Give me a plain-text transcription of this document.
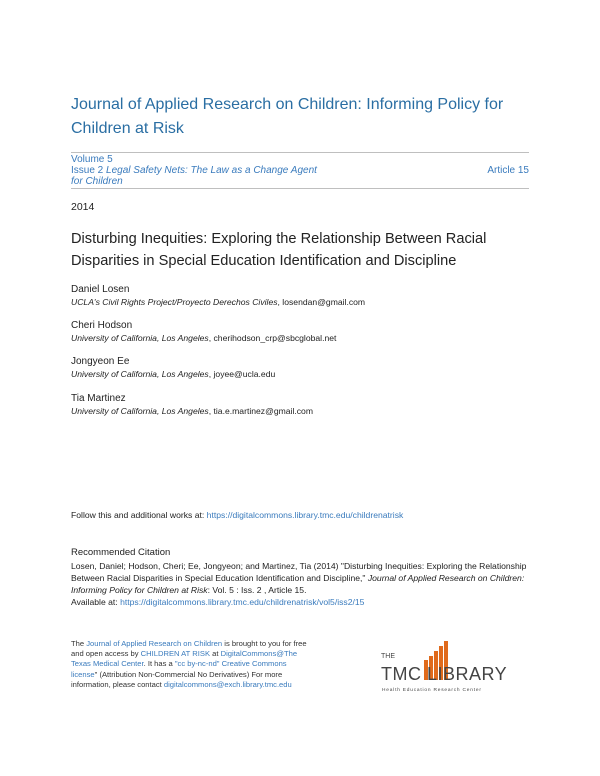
Journal of Applied Research on Children: Informing Policy for Children at Risk
Volume 5
Issue 2 Legal Safety Nets: The Law as a Change Agent for Children
Article 15
2014
Disturbing Inequities: Exploring the Relationship Between Racial Disparities in Special Education Identification and Discipline
Daniel Losen
UCLA's Civil Rights Project/Proyecto Derechos Civiles, losendan@gmail.com
Cheri Hodson
University of California, Los Angeles, cherihodson_crp@sbcglobal.net
Jongyeon Ee
University of California, Los Angeles, joyee@ucla.edu
Tia Martinez
University of California, Los Angeles, tia.e.martinez@gmail.com
Follow this and additional works at: https://digitalcommons.library.tmc.edu/childrenatrisk
Recommended Citation
Losen, Daniel; Hodson, Cheri; Ee, Jongyeon; and Martinez, Tia (2014) "Disturbing Inequities: Exploring the Relationship Between Racial Disparities in Special Education Identification and Discipline," Journal of Applied Research on Children: Informing Policy for Children at Risk: Vol. 5 : Iss. 2 , Article 15.
Available at: https://digitalcommons.library.tmc.edu/childrenatrisk/vol5/iss2/15
The Journal of Applied Research on Children is brought to you for free and open access by CHILDREN AT RISK at DigitalCommons@The Texas Medical Center. It has a "cc by-nc-nd" Creative Commons license" (Attribution Non-Commercial No Derivatives) For more information, please contact digitalcommons@exch.library.tmc.edu
THE
TMC LIBRARY
Health Education Research Center
